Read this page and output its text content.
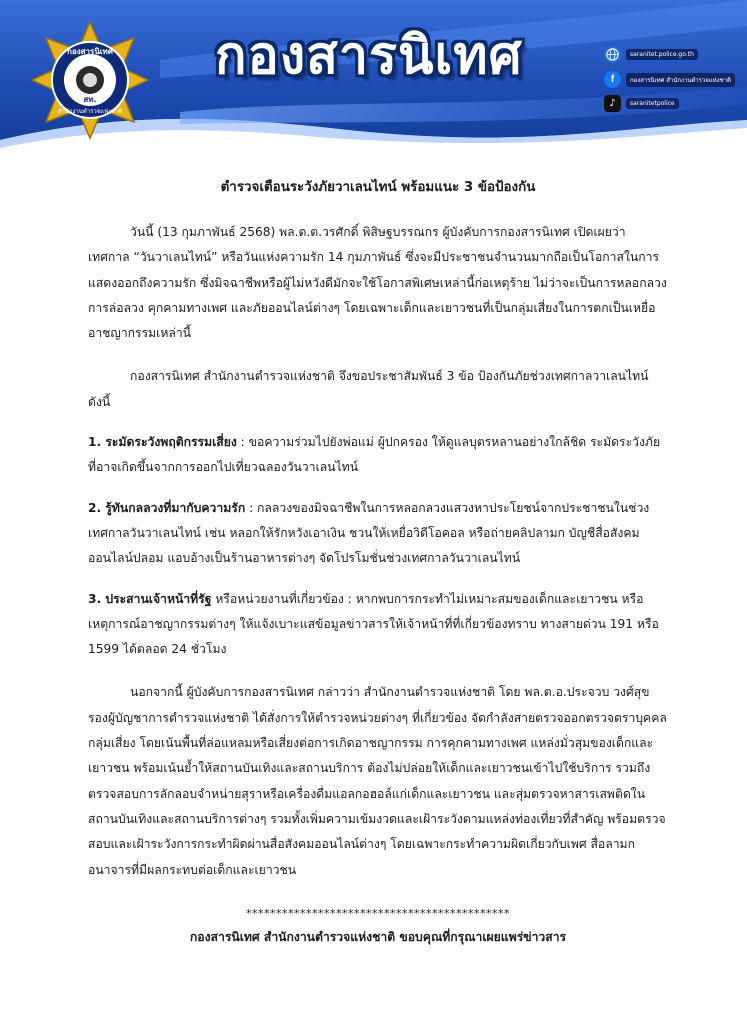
กองสารนิเทศ
สท.
สำนักงานตำรวจแห่งชาติ
กองสารนิเทศ	saranitet.police.go.th
f	กองสารนิเทศ สำนักงานตำรวจแห่งชาติ
♪	saranitetpolice
ตำรวจเตือนระวังภัยวาเลนไทน์ พร้อมแนะ 3 ข้อป้องกัน

วันนี้ (13 กุมภาพันธ์ 2568) พล.ต.ต.วรศักดิ์ พิสิษฐบรรณกร ผู้บังคับการกองสารนิเทศ เปิดเผยว่า เทศกาล “วันวาเลนไทน์” หรือวันแห่งความรัก 14 กุมภาพันธ์ ซึ่งจะมีประชาชนจำนวนมากถือเป็นโอกาสในการแสดงออกถึงความรัก ซึ่งมิจฉาชีพหรือผู้ไม่หวังดีมักจะใช้โอกาสพิเศษเหล่านี้ก่อเหตุร้าย ไม่ว่าจะเป็นการหลอกลวง การล่อลวง คุกคามทางเพศ และภัยออนไลน์ต่างๆ โดยเฉพาะเด็กและเยาวชนที่เป็นกลุ่มเสี่ยงในการตกเป็นเหยื่ออาชญากรรมเหล่านี้

กองสารนิเทศ สำนักงานตำรวจแห่งชาติ จึงขอประชาสัมพันธ์ 3 ข้อ ป้องกันภัยช่วงเทศกาลวาเลนไทน์ ดังนี้

1. ระมัดระวังพฤติกรรมเสี่ยง : ขอความร่วมไปยังพ่อแม่ ผู้ปกครอง ให้ดูแลบุตรหลานอย่างใกล้ชิด ระมัดระวังภัยที่อาจเกิดขึ้นจากการออกไปเที่ยวฉลองวันวาเลนไทน์

2. รู้ทันกลลวงที่มากับความรัก : กลลวงของมิจฉาชีพในการหลอกลวงแสวงหาประโยชน์จากประชาชนในช่วงเทศกาลวันวาเลนไทน์ เช่น หลอกให้รักหวังเอาเงิน ชวนให้เหยื่อวิดีโอคอล หรือถ่ายคลิปลามก บัญชีสื่อสังคมออนไลน์ปลอม แอบอ้างเป็นร้านอาหารต่างๆ จัดโปรโมชั่นช่วงเทศกาลวันวาเลนไทน์

3. ประสานเจ้าหน้าที่รัฐ หรือหน่วยงานที่เกี่ยวข้อง : หากพบการกระทำไม่เหมาะสมของเด็กและเยาวชน หรือเหตุการณ์อาชญากรรมต่างๆ ให้แจ้งเบาะแสข้อมูลข่าวสารให้เจ้าหน้าที่ที่เกี่ยวข้องทราบ ทางสายด่วน 191 หรือ 1599 ได้ตลอด 24 ชั่วโมง

นอกจากนี้ ผู้บังคับการกองสารนิเทศ กล่าวว่า สำนักงานตำรวจแห่งชาติ โดย พล.ต.อ.ประจวบ วงศ์สุข รองผู้บัญชาการตำรวจแห่งชาติ ได้สั่งการให้ตำรวจหน่วยต่างๆ ที่เกี่ยวข้อง จัดกำลังสายตรวจออกตรวจตราบุคคลกลุ่มเสี่ยง โดยเน้นพื้นที่ล่อแหลมหรือเสี่ยงต่อการเกิดอาชญากรรม การคุกคามทางเพศ แหล่งมั่วสุมของเด็กและเยาวชน พร้อมเน้นย้ำให้สถานบันเทิงและสถานบริการ ต้องไม่ปล่อยให้เด็กและเยาวชนเข้าไปใช้บริการ รวมถึงตรวจสอบการลักลอบจำหน่ายสุราหรือเครื่องดื่มแอลกอฮอล์แก่เด็กและเยาวชน และสุ่มตรวจหาสารเสพติดในสถานบันเทิงและสถานบริการต่างๆ รวมทั้งเพิ่มความเข้มงวดและเฝ้าระวังตามแหล่งท่องเที่ยวที่สำคัญ พร้อมตรวจสอบและเฝ้าระวังการกระทำผิดผ่านสื่อสังคมออนไลน์ต่างๆ โดยเฉพาะกระทำความผิดเกี่ยวกับเพศ สื่อลามกอนาจารที่มีผลกระทบต่อเด็กและเยาวชน

********************************************
กองสารนิเทศ สำนักงานตำรวจแห่งชาติ ขอบคุณที่กรุณาเผยแพร่ข่าวสาร
